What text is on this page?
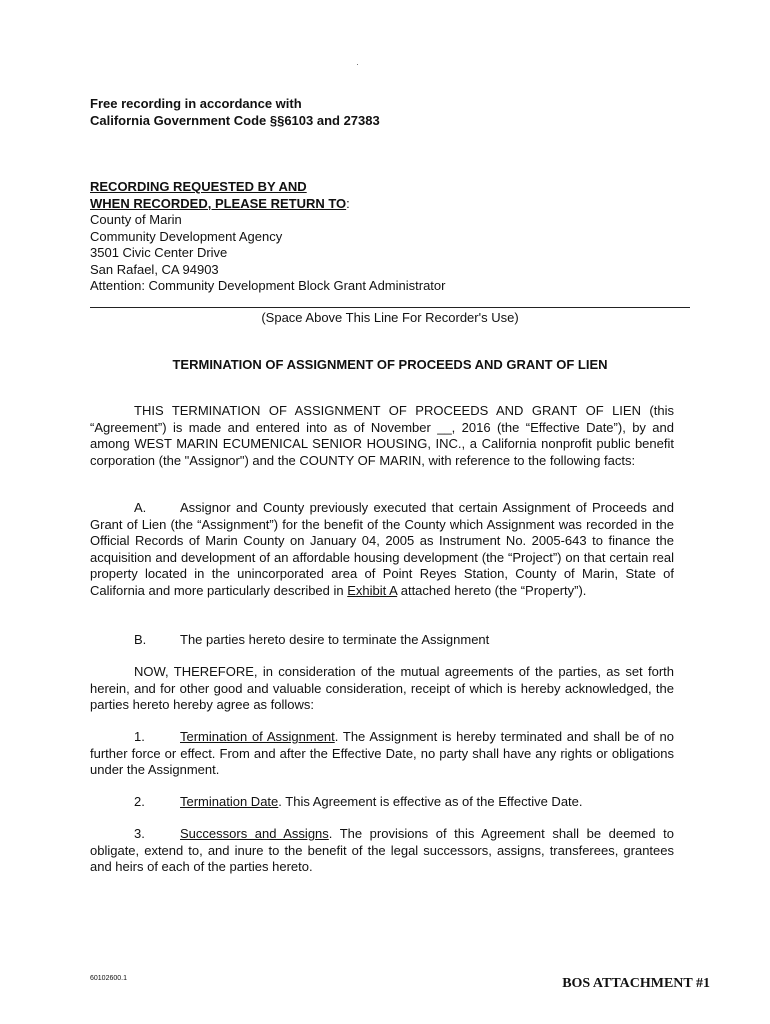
Free recording in accordance with
California Government Code §§6103 and 27383
RECORDING REQUESTED BY AND
WHEN RECORDED, PLEASE RETURN TO:
County of Marin
Community Development Agency
3501 Civic Center Drive
San Rafael, CA 94903
Attention: Community Development Block Grant Administrator
(Space Above This Line For Recorder's Use)
TERMINATION OF ASSIGNMENT OF PROCEEDS AND GRANT OF LIEN
THIS TERMINATION OF ASSIGNMENT OF PROCEEDS AND GRANT OF LIEN (this “Agreement”) is made and entered into as of November __, 2016 (the “Effective Date”), by and among WEST MARIN ECUMENICAL SENIOR HOUSING, INC., a California nonprofit public benefit corporation (the "Assignor") and the COUNTY OF MARIN, with reference to the following facts:
A.	Assignor and County previously executed that certain Assignment of Proceeds and Grant of Lien (the “Assignment”) for the benefit of the County which Assignment was recorded in the Official Records of Marin County on January 04, 2005 as Instrument No. 2005-643 to finance the acquisition and development of an affordable housing development (the “Project”) on that certain real property located in the unincorporated area of Point Reyes Station, County of Marin, State of California and more particularly described in Exhibit A attached hereto (the “Property”).
B.	The parties hereto desire to terminate the Assignment
NOW, THEREFORE, in consideration of the mutual agreements of the parties, as set forth herein, and for other good and valuable consideration, receipt of which is hereby acknowledged, the parties hereto hereby agree as follows:
1.	Termination of Assignment. The Assignment is hereby terminated and shall be of no further force or effect. From and after the Effective Date, no party shall have any rights or obligations under the Assignment.
2.	Termination Date. This Agreement is effective as of the Effective Date.
3.	Successors and Assigns. The provisions of this Agreement shall be deemed to obligate, extend to, and inure to the benefit of the legal successors, assigns, transferees, grantees and heirs of each of the parties hereto.
60102600.1	BOS ATTACHMENT #1
